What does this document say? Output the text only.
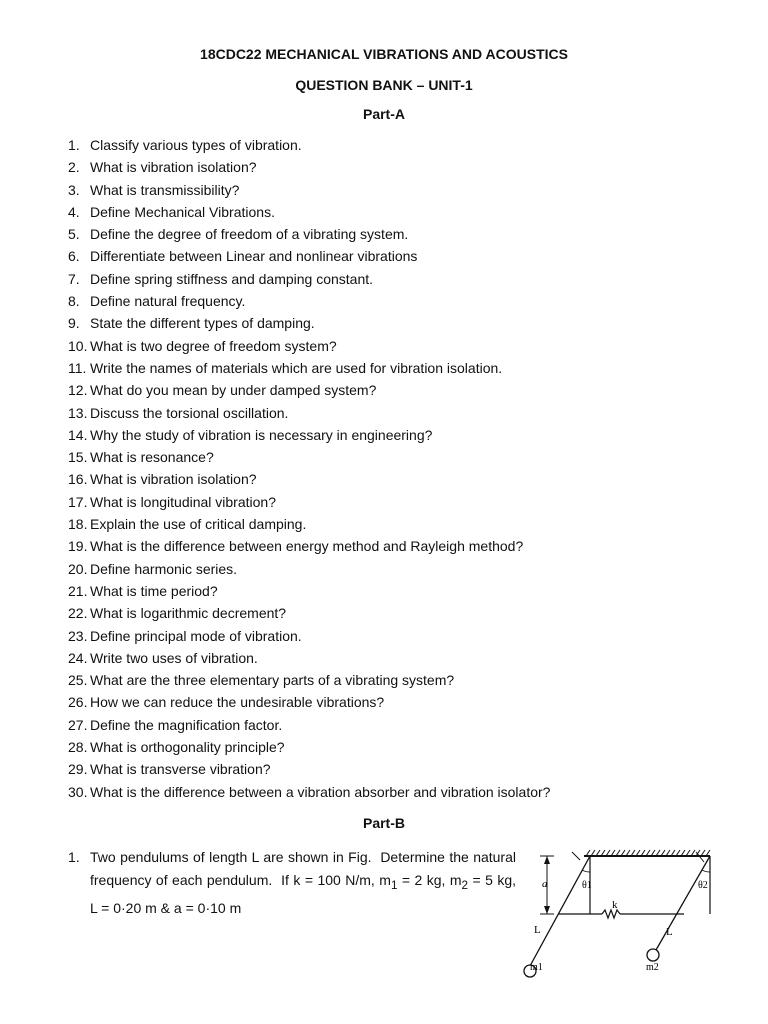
18CDC22 MECHANICAL VIBRATIONS AND ACOUSTICS
QUESTION BANK – UNIT-1
Part-A
1. Classify various types of vibration.
2. What is vibration isolation?
3. What is transmissibility?
4. Define Mechanical Vibrations.
5. Define the degree of freedom of a vibrating system.
6. Differentiate between Linear and nonlinear vibrations
7. Define spring stiffness and damping constant.
8. Define natural frequency.
9. State the different types of damping.
10. What is two degree of freedom system?
11. Write the names of materials which are used for vibration isolation.
12. What do you mean by under damped system?
13. Discuss the torsional oscillation.
14. Why the study of vibration is necessary in engineering?
15. What is resonance?
16. What is vibration isolation?
17. What is longitudinal vibration?
18. Explain the use of critical damping.
19. What is the difference between energy method and Rayleigh method?
20. Define harmonic series.
21. What is time period?
22. What is logarithmic decrement?
23. Define principal mode of vibration.
24. Write two uses of vibration.
25. What are the three elementary parts of a vibrating system?
26. How we can reduce the undesirable vibrations?
27. Define the magnification factor.
28. What is orthogonality principle?
29. What is transverse vibration?
30. What is the difference between a vibration absorber and vibration isolator?
Part-B
1. Two pendulums of length L are shown in Fig.  Determine the natural frequency of each pendulum.  If k = 100 N/m, $m_1 = 2$ kg, $m_2 = 5$ kg, L = 0·20 m & a = 0·10 m
a	θ1	θ2
k
L	L
m1	m2
